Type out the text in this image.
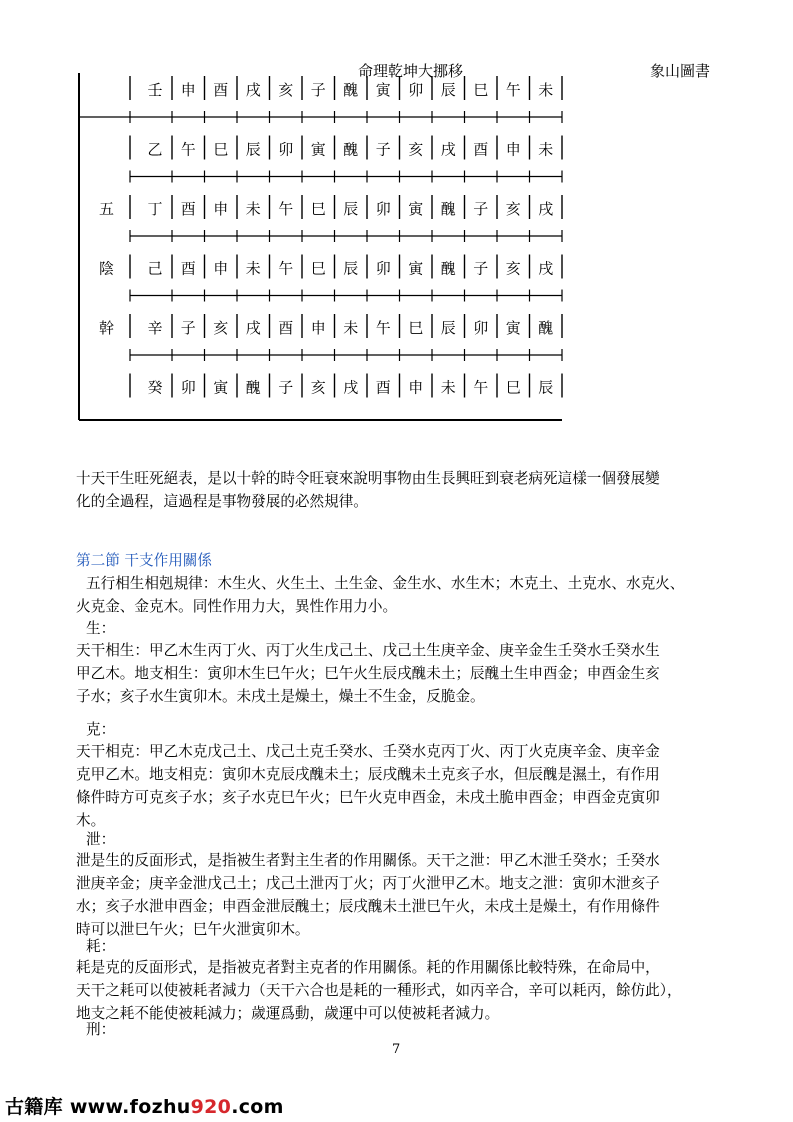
命理乾坤大挪移	象山圖書
壬 申 酉 戌 亥 子 醜 寅 卯 辰 巳 午 未
乙 午 巳 辰 卯 寅 醜 子 亥 戌 酉 申 未
五 丁 酉 申 未 午 巳 辰 卯 寅 醜 子 亥 戌
陰 己 酉 申 未 午 巳 辰 卯 寅 醜 子 亥 戌
幹 辛 子 亥 戌 酉 申 未 午 巳 辰 卯 寅 醜
癸 卯 寅 醜 子 亥 戌 酉 申 未 午 巳 辰

十天干生旺死絕表，是以十幹的時令旺衰來說明事物由生長興旺到衰老病死這樣一個發展變

化的全過程，這過程是事物發展的必然規律。

第二節 干支作用關係

五行相生相剋規律：木生火、火生土、土生金、金生水、水生木；木克土、土克水、水克火、

火克金、金克木。同性作用力大，異性作用力小。

生：

天干相生：甲乙木生丙丁火、丙丁火生戊己土、戊己土生庚辛金、庚辛金生壬癸水壬癸水生

甲乙木。地支相生：寅卯木生巳午火；巳午火生辰戌醜未土；辰醜土生申酉金；申酉金生亥

子水；亥子水生寅卯木。未戌土是燥土，燥土不生金，反脆金。

克：

天干相克：甲乙木克戊己土、戊己土克壬癸水、壬癸水克丙丁火、丙丁火克庚辛金、庚辛金

克甲乙木。地支相克：寅卯木克辰戌醜未土；辰戌醜未土克亥子水，但辰醜是濕土，有作用

條件時方可克亥子水；亥子水克巳午火；巳午火克申酉金，未戌土脆申酉金；申酉金克寅卯

木。

泄：

泄是生的反面形式，是指被生者對主生者的作用關係。天干之泄：甲乙木泄壬癸水；壬癸水

泄庚辛金；庚辛金泄戊己土；戊己土泄丙丁火；丙丁火泄甲乙木。地支之泄：寅卯木泄亥子

水；亥子水泄申酉金；申酉金泄辰醜土；辰戌醜未土泄巳午火，未戌土是燥土，有作用條件

時可以泄巳午火；巳午火泄寅卯木。

耗：

耗是克的反面形式，是指被克者對主克者的作用關係。耗的作用關係比較特殊，在命局中，

天干之耗可以使被耗者減力（天干六合也是耗的一種形式，如丙辛合，辛可以耗丙，餘仿此），

地支之耗不能使被耗減力；歲運爲動，歲運中可以使被耗者減力。

刑：

7
古籍库 www.fozhu920.com
